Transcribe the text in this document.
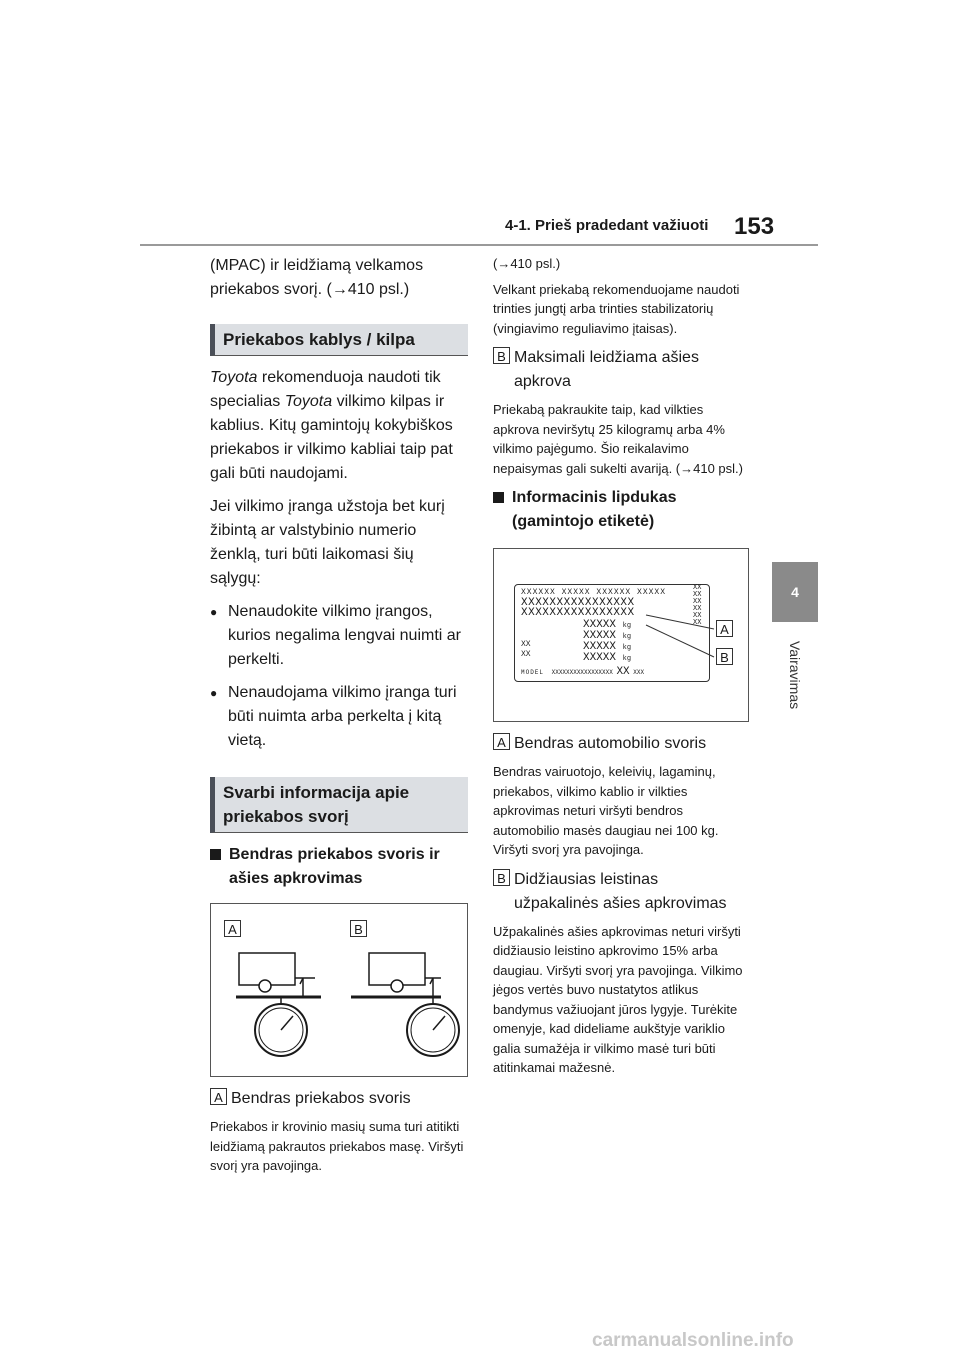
4-1. Prieš pradedant važiuoti 153
4
Vairavimas

(MPAC) ir leidžiamą velkamos priekabos svorį. (→410 psl.)

Priekabos kablys / kilpa

Toyota rekomenduoja naudoti tik specialias Toyota vilkimo kilpas ir kablius. Kitų gamintojų kokybiškos priekabos ir vilkimo kabliai taip pat gali būti naudojami.

Jei vilkimo įranga užstoja bet kurį žibintą ar valstybinio numerio ženklą, turi būti laikomasi šių sąlygų:

● Nenaudokite vilkimo įrangos, kurios negalima lengvai nuimti ar perkelti.

● Nenaudojama vilkimo įranga turi būti nuimta arba perkelta į kitą vietą.

Svarbi informacija apie priekabos svorį

Bendras priekabos svoris ir ašies apkrovimas

A	B
A Bendras priekabos svoris

Priekabos ir krovinio masių suma turi atitikti leidžiamą pakrautos priekabos masę. Viršyti svorį yra pavojinga.

(→410 psl.)

Velkant priekabą rekomenduojame naudoti trinties jungtį arba trinties stabilizatorių (vingiavimo reguliavimo įtaisas).

B Maksimali leidžiama ašies
apkrova

Priekabą pakraukite taip, kad vilkties apkrova neviršytų 25 kilogramų arba 4% vilkimo pajėgumo. Šio reikalavimo nepaisymas gali sukelti avariją. (→410 psl.)

Informacinis lipdukas
(gamintojo etiketė)
XXXXXX XXXXX XXXXXX XXXXX
XXXXXXXXXXXXXXXX
XXXXXXXXXXXXXXXX
XXXXX kg
XXXXX kg
XXXXX kg
XXXXX kg
XX
XX
XXXXXXXXXXXX
MODEL XXXXXXXXXXXXXXXXX XX XXX
A
B
A Bendras automobilio svoris

Bendras vairuotojo, keleivių, lagaminų, priekabos, vilkimo kablio ir vilkties apkrovimas neturi viršyti bendros automobilio masės daugiau nei 100 kg. Viršyti svorį yra pavojinga.

B Didžiausias leistinas
užpakalinės ašies apkrovimas

Užpakalinės ašies apkrovimas neturi viršyti didžiausio leistino apkrovimo 15% arba daugiau. Viršyti svorį yra pavojinga. Vilkimo jėgos vertės buvo nustatytos atlikus bandymus važiuojant jūros lygyje. Turėkite omenyje, kad dideliame aukštyje variklio galia sumažėja ir vilkimo masė turi būti atitinkamai mažesnė.

carmanualsonline.info
